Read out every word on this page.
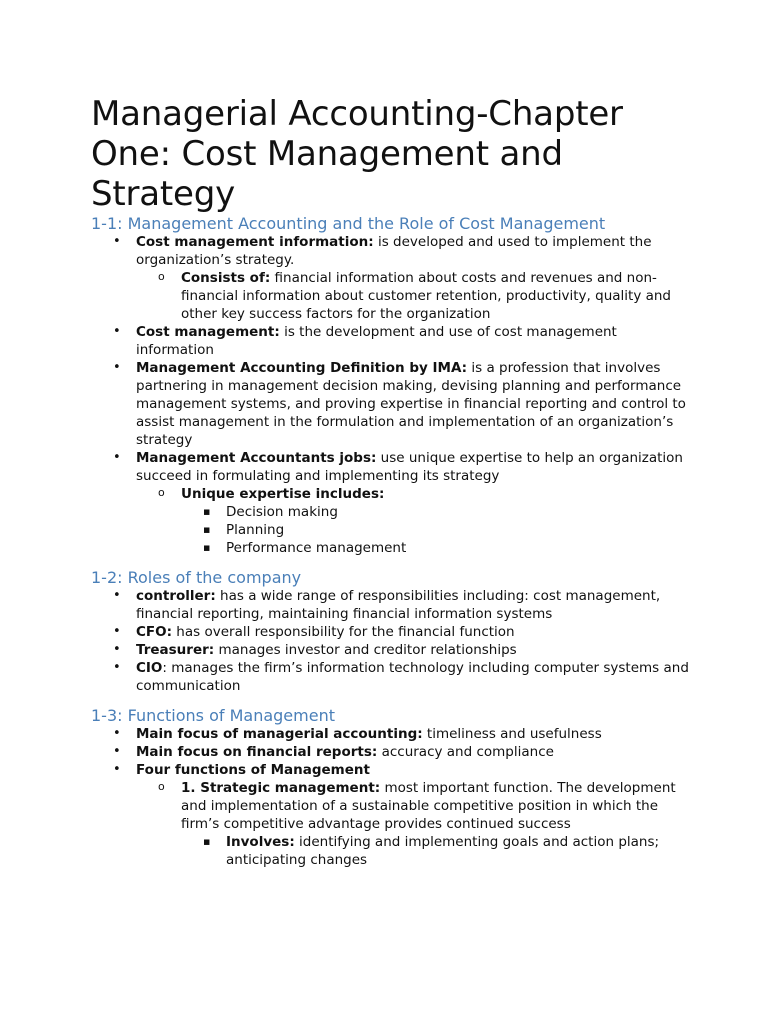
Managerial Accounting-Chapter One: Cost Management and Strategy
1-1: Management Accounting and the Role of Cost Management
• Cost management information: is developed and used to implement the organization’s strategy.
o Consists of: financial information about costs and revenues and non-financial information about customer retention, productivity, quality and other key success factors for the organization
• Cost management: is the development and use of cost management information
• Management Accounting Definition by IMA: is a profession that involves partnering in management decision making, devising planning and performance management systems, and proving expertise in financial reporting and control to assist management in the formulation and implementation of an organization’s strategy
• Management Accountants jobs: use unique expertise to help an organization succeed in formulating and implementing its strategy
o Unique expertise includes:
▪ Decision making
▪ Planning
▪ Performance management
1-2: Roles of the company
• controller: has a wide range of responsibilities including: cost management, financial reporting, maintaining financial information systems
• CFO: has overall responsibility for the financial function
• Treasurer: manages investor and creditor relationships
• CIO: manages the firm’s information technology including computer systems and communication
1-3: Functions of Management
• Main focus of managerial accounting: timeliness and usefulness
• Main focus on financial reports: accuracy and compliance
• Four functions of Management
o 1. Strategic management: most important function. The development and implementation of a sustainable competitive position in which the firm’s competitive advantage provides continued success
▪ Involves: identifying and implementing goals and action plans; anticipating changes
